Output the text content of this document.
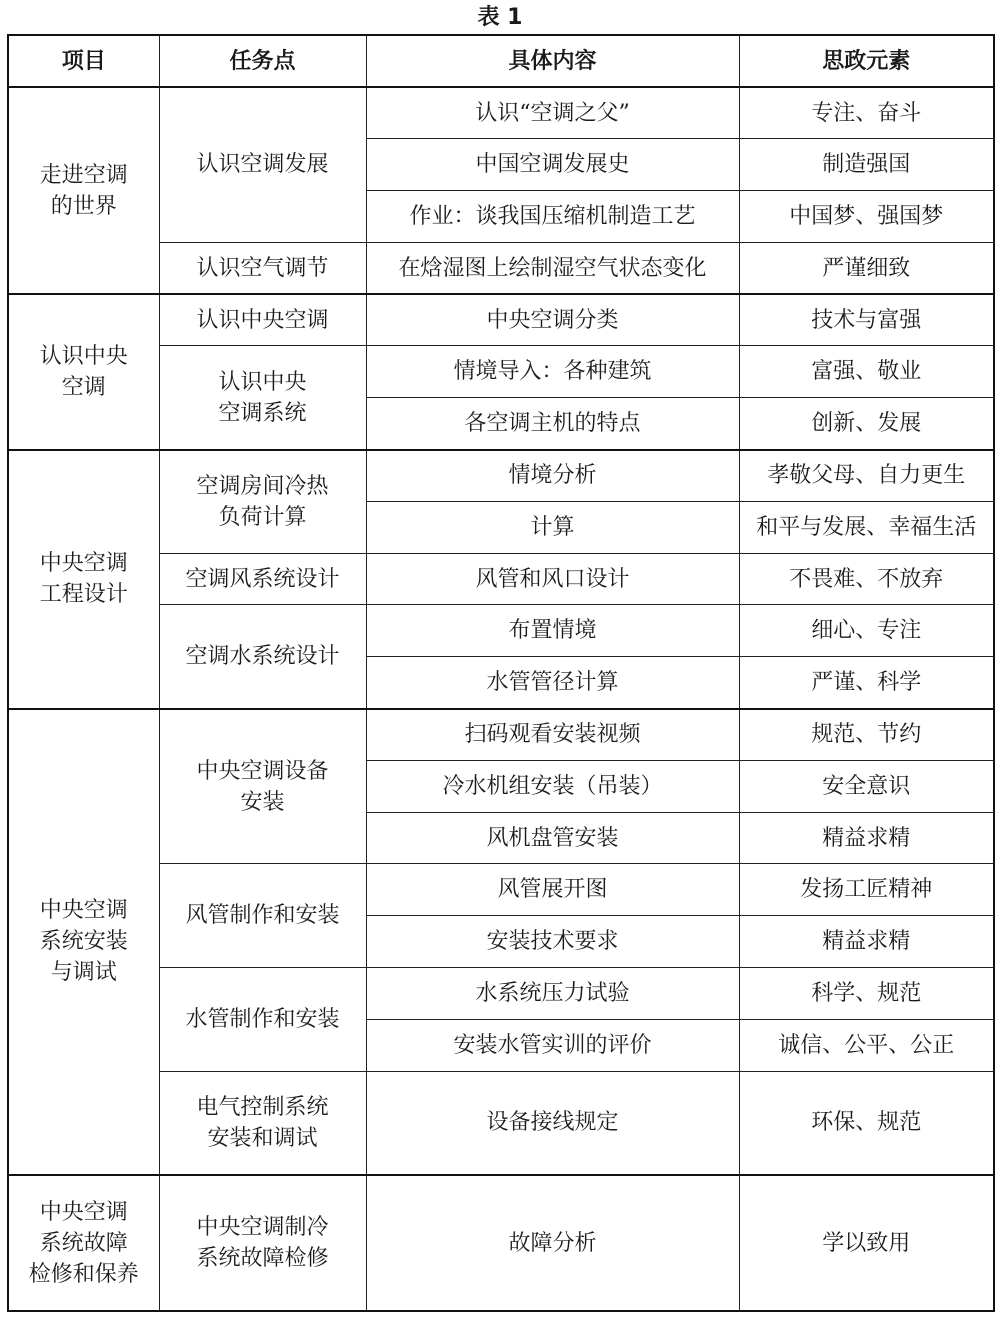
表 1
项目	任务点	具体内容	思政元素
走进空调
的世界	认识空调发展	认识“空调之父”	专注、奋斗
		中国空调发展史	制造强国
		作业：谈我国压缩机制造工艺	中国梦、强国梦
	认识空气调节	在焓湿图上绘制湿空气状态变化	严谨细致
认识中央
空调	认识中央空调	中央空调分类	技术与富强
	认识中央
空调系统	情境导入：各种建筑	富强、敬业
		各空调主机的特点	创新、发展
中央空调
工程设计	空调房间冷热
负荷计算	情境分析	孝敬父母、自力更生
		计算	和平与发展、幸福生活
	空调风系统设计	风管和风口设计	不畏难、不放弃
	空调水系统设计	布置情境	细心、专注
		水管管径计算	严谨、科学
中央空调
系统安装
与调试	中央空调设备
安装	扫码观看安装视频	规范、节约
		冷水机组安装（吊装）	安全意识
		风机盘管安装	精益求精
	风管制作和安装	风管展开图	发扬工匠精神
		安装技术要求	精益求精
	水管制作和安装	水系统压力试验	科学、规范
		安装水管实训的评价	诚信、公平、公正
	电气控制系统
安装和调试	设备接线规定	环保、规范
中央空调
系统故障
检修和保养	中央空调制冷
系统故障检修	故障分析	学以致用
